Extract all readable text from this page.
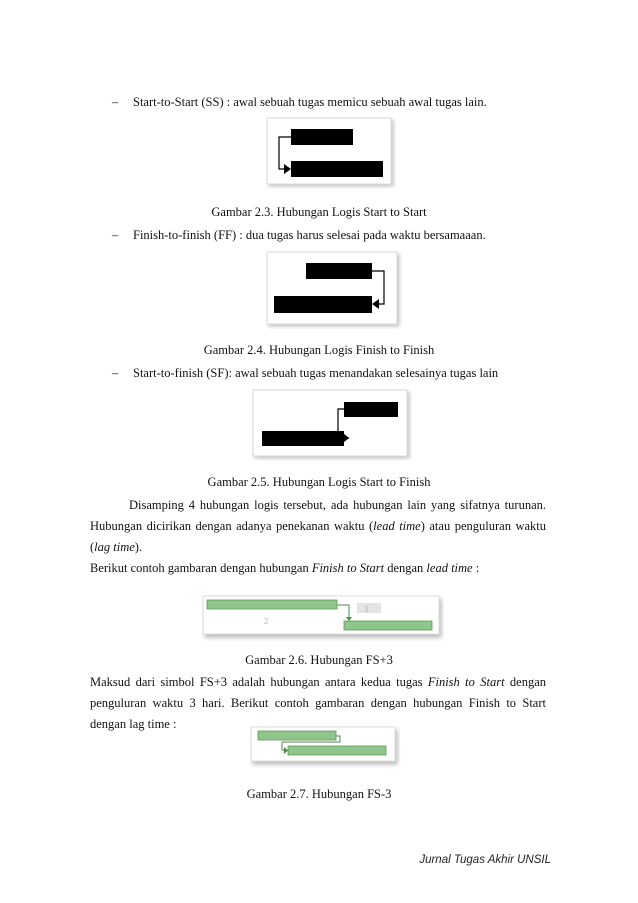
– Start-to-Start (SS) : awal sebuah tugas memicu sebuah awal tugas lain.
Gambar 2.3. Hubungan Logis Start to Start
– Finish-to-finish (FF) : dua tugas harus selesai pada waktu bersamaaan.
Gambar 2.4. Hubungan Logis Finish to Finish
– Start-to-finish (SF): awal sebuah tugas menandakan selesainya tugas lain
Gambar 2.5. Hubungan Logis Start to Finish

Disamping 4 hubungan logis tersebut, ada hubungan lain yang sifatnya turunan.

Hubungan dicirikan dengan adanya penekanan waktu (lead time) atau penguluran waktu

(lag time).

Berikut contoh gambaran dengan hubungan Finish to Start dengan lead time :

2
3
Gambar 2.6. Hubungan FS+3

Maksud dari simbol FS+3 adalah hubungan antara kedua tugas Finish to Start dengan

penguluran waktu 3 hari. Berikut contoh gambaran dengan hubungan Finish to Start

dengan lag time :

Gambar 2.7. Hubungan FS-3
Jurnal Tugas Akhir UNSIL
